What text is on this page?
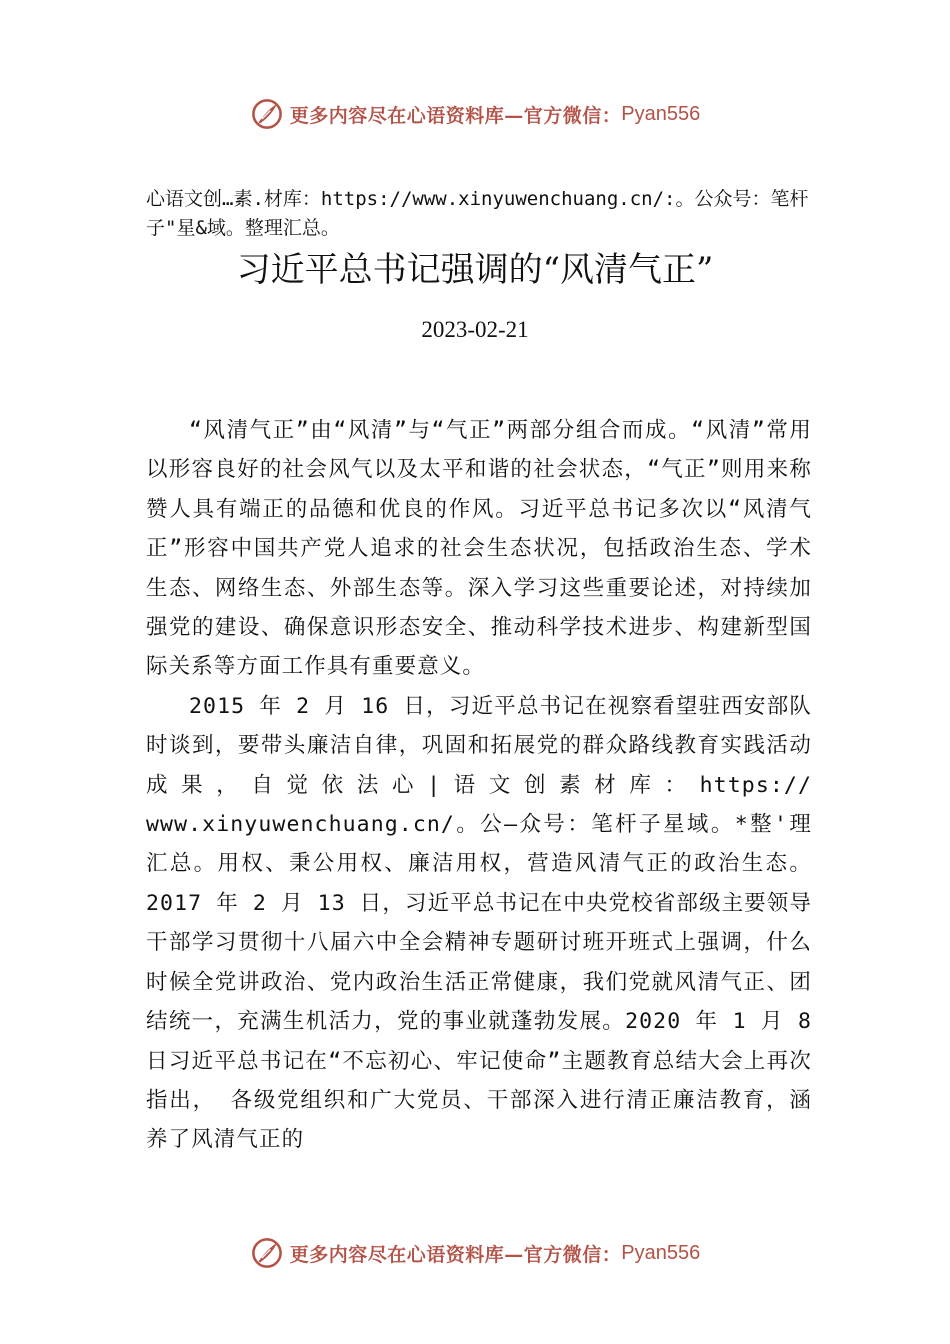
更多内容尽在心语资料库—官方微信： Pyan556

心语文创…素.材库：https://www.xinyuwenchuang.cn/:。公众号：笔杆子"星&域。整理汇总。

习近平总书记强调的“风清气正”
2023-02-21

“风清气正”由“风清”与“气正”两部分组合而成。“风清”常用以形容良好的社会风气以及太平和谐的社会状态，“气正”则用来称赞人具有端正的品德和优良的作风。习近平总书记多次以“风清气正”形容中国共产党人追求的社会生态状况，包括政治生态、学术生态、网络生态、外部生态等。深入学习这些重要论述，对持续加强党的建设、确保意识形态安全、推动科学技术进步、构建新型国际关系等方面工作具有重要意义。

2015 年 2 月 16 日，习近平总书记在视察看望驻西安部队时谈到，要带头廉洁自律，巩固和拓展党的群众路线教育实践活动成果，自觉依法心|语文创素材库：https:// www.xinyuwenchuang.cn/。公—众号：笔杆子星域。*整'理汇总。用权、秉公用权、廉洁用权，营造风清气正的政治生态。2017 年 2 月 13 日，习近平总书记在中央党校省部级主要领导干部学习贯彻十八届六中全会精神专题研讨班开班式上强调，什么时候全党讲政治、党内政治生活正常健康，我们党就风清气正、团结统一，充满生机活力，党的事业就蓬勃发展。2020 年 1 月 8 日习近平总书记在“不忘初心、牢记使命”主题教育总结大会上再次指出， 各级党组织和广大党员、干部深入进行清正廉洁教育，涵养了风清气正的

更多内容尽在心语资料库—官方微信： Pyan556
